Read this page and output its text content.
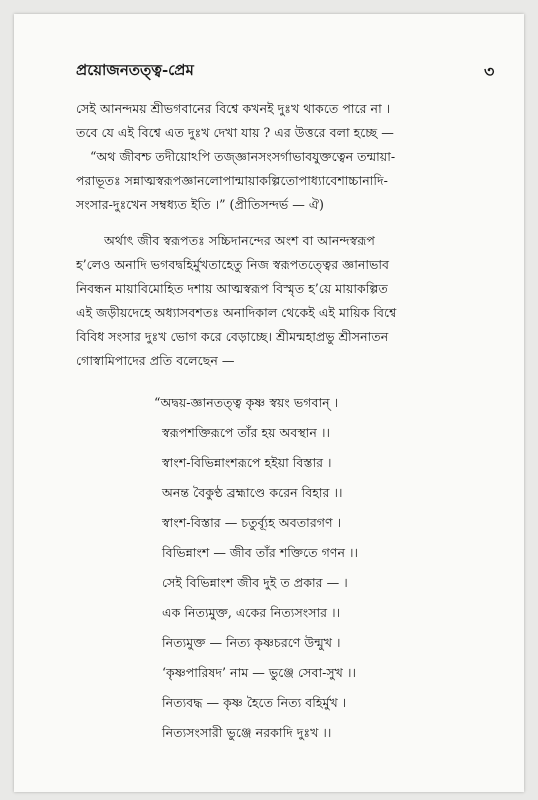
প্রয়োজনতত্ত্ব-প্রেম	৩
সেই আনন্দময় শ্রীভগবানের বিশ্বে কখনই দুঃখ থাকতে পারে না ।
তবে যে এই বিশ্বে এত দুঃখ দেখা যায় ? এর উত্তরে বলা হচ্ছে —
“অথ জীবশ্চ তদীয়োঽপি তজ্জ্ঞানসংসর্গাভাবযুক্তত্বেন তন্মায়া-
পরাভূতঃ সন্নাত্মস্বরূপজ্ঞানলোপান্মায়াকল্পিতোপাধ্যাবেশাচ্চানাদি-
সংসার-দুঃখেন সম্বধ্যত ইতি ।” (প্রীতিসন্দর্ভ — ঐ)
অর্থাৎ জীব স্বরূপতঃ সচ্চিদানন্দের অংশ বা আনন্দস্বরূপ
হ’লেও অনাদি ভগবদ্বহির্মুখতাহেতু নিজ স্বরূপতত্ত্বের জ্ঞানাভাব
নিবন্ধন মায়াবিমোহিত দশায় আত্মস্বরূপ বিস্মৃত হ’য়ে মায়াকল্পিত
এই জড়ীয়দেহে অধ্যাসবশতঃ অনাদিকাল থেকেই এই মায়িক বিশ্বে
বিবিধ সংসার দুঃখ ভোগ করে বেড়াচ্ছে। শ্রীমন্মহাপ্রভু শ্রীসনাতন
গোস্বামিপাদের প্রতি বলেছেন —
“অদ্বয়-জ্ঞানতত্ত্ব কৃষ্ণ স্বয়ং ভগবান্ ।
স্বরূপশক্তিরূপে তাঁর হয় অবস্থান ।।
স্বাংশ-বিভিন্নাংশরূপে হইয়া বিস্তার ।
অনন্ত বৈকুণ্ঠ ব্রহ্মাণ্ডে করেন বিহার ।।
স্বাংশ-বিস্তার — চতুর্ব্যূহ অবতারগণ ।
বিভিন্নাংশ — জীব তাঁর শক্তিতে গণন ।।
সেই বিভিন্নাংশ জীব দুই ত প্রকার — ।
এক নিত্যমুক্ত, একের নিত্যসংসার ।।
নিত্যমুক্ত — নিত্য কৃষ্ণচরণে উন্মুখ ।
‘কৃষ্ণপারিষদ’ নাম — ভুঞ্জে সেবা-সুখ ।।
নিত্যবদ্ধ — কৃষ্ণ হৈতে নিত্য বহির্মুখ ।
নিত্যসংসারী ভুঞ্জে নরকাদি দুঃখ ।।
